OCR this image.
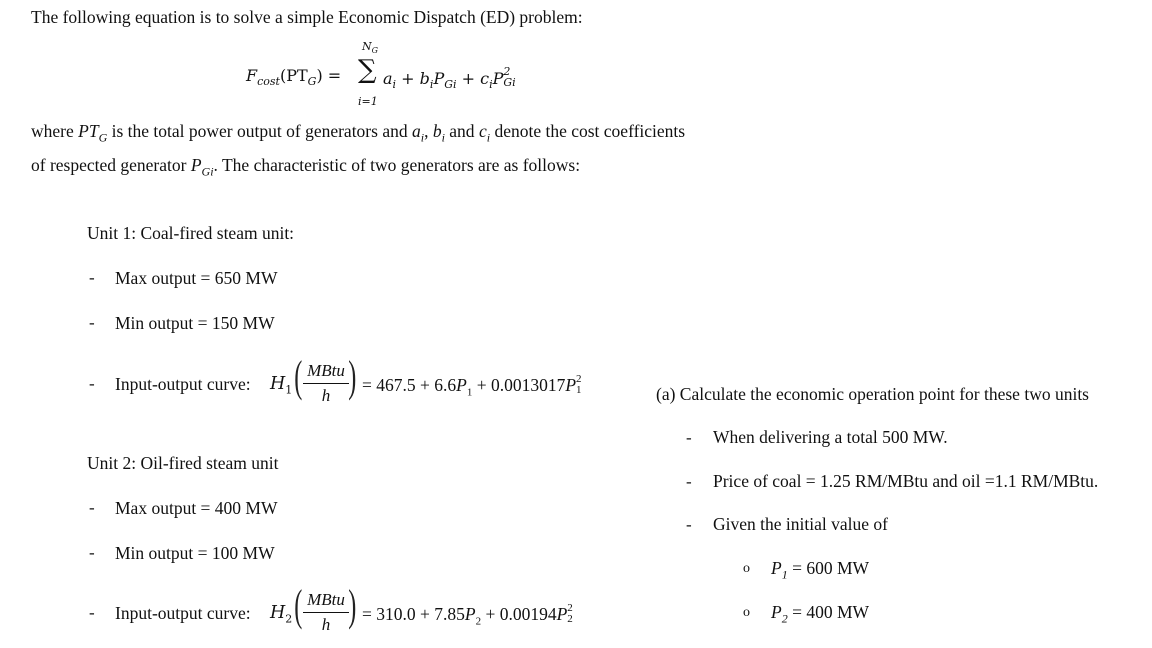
The following equation is to solve a simple Economic Dispatch (ED) problem:
$F_{cost}(PT_G)$ =
$N_G$
∑
i=1
$a_i + b_iP_{Gi} + c_iP$ 2
Gi
where $PT_G$ is the total power output of generators and $a_i$, $b_i$ and $c_i$ denote the cost coefficients
of respected generator $P_{Gi}$. The characteristic of two generators are as follows:
Unit 1: Coal-fired steam unit:
- Max output = 650 MW
- Min output = 150 MW
- Input-output curve: $H_1$ ( MBtu
h ) = $467.5 + 6.6P_1 + 0.0013017P$ 2
1
Unit 2: Oil-fired steam unit
- Max output = 400 MW
- Min output = 100 MW
- Input-output curve: $H_2$ ( MBtu
h ) = $310.0 + 7.85P_2 + 0.00194P$ 2
2
(a) Calculate the economic operation point for these two units
- When delivering a total 500 MW.
- Price of coal = 1.25 RM/MBtu and oil =1.1 RM/MBtu.
- Given the initial value of
o $P_1 = 600$ MW
o $P_2 = 400$ MW
